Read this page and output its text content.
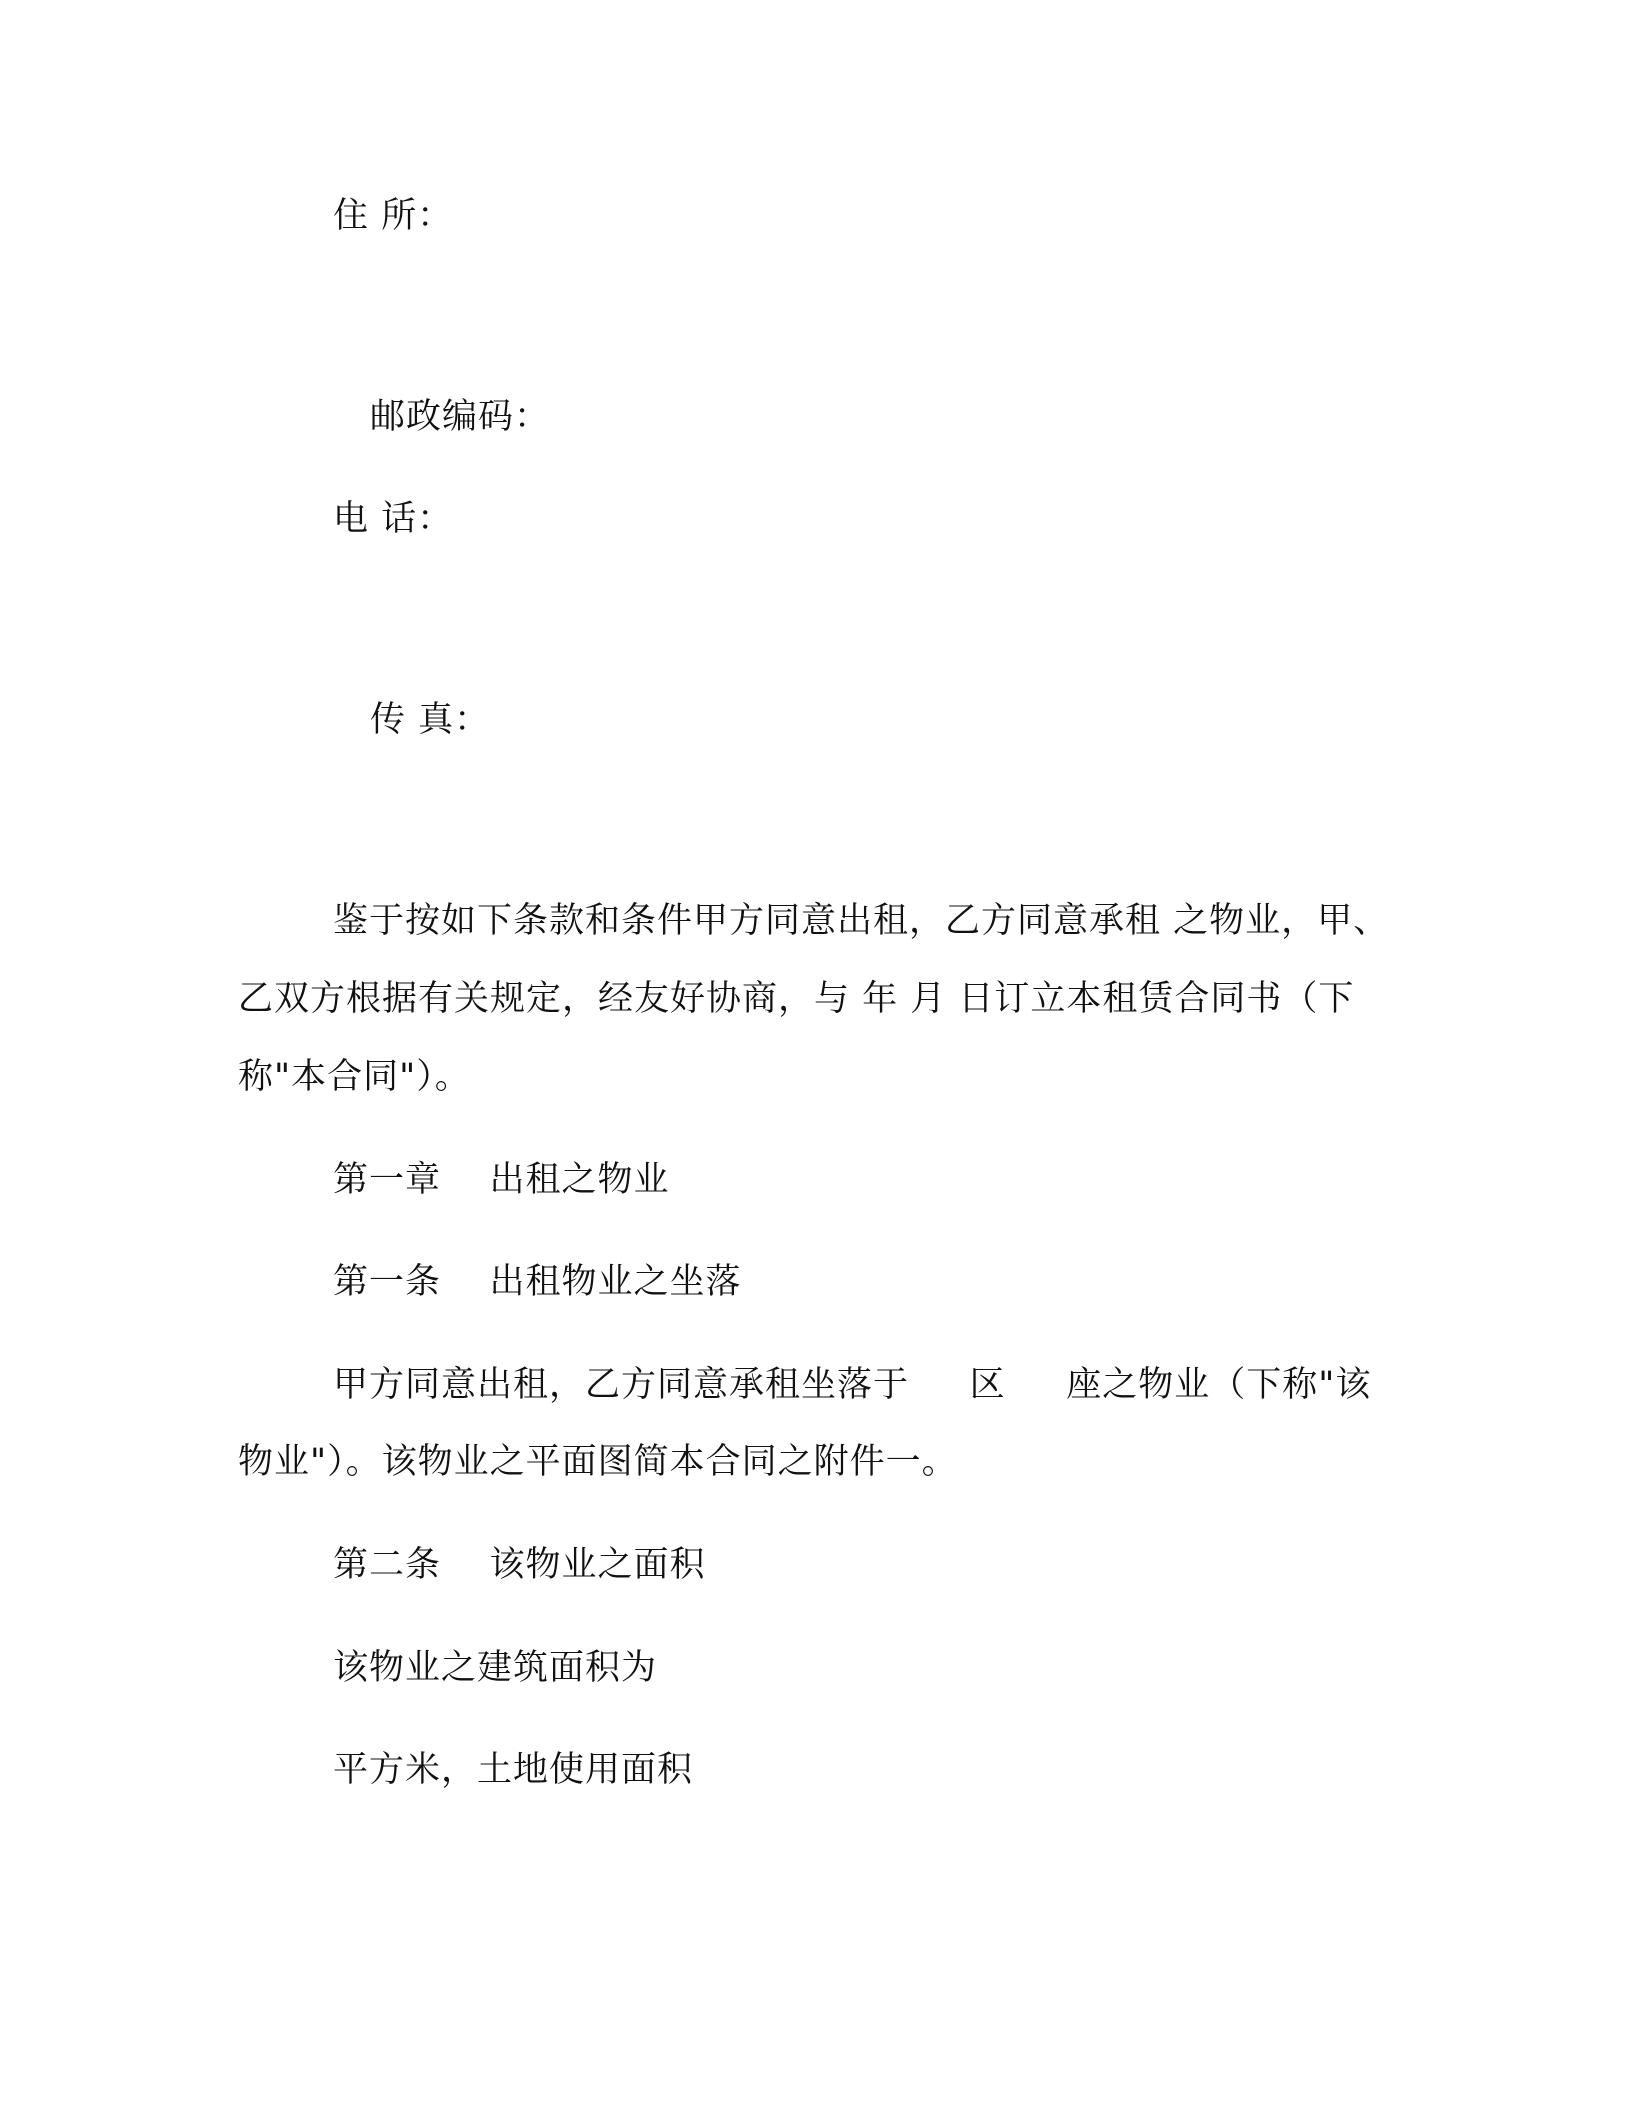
住 所：
邮政编码：
电 话：
传 真：
鉴于按如下条款和条件甲方同意出租，乙方同意承租 之物业，甲、
乙双方根据有关规定，经友好协商，与 年 月 日订立本租赁合同书（下
称"本合同"）。
第一章    出租之物业
第一条    出租物业之坐落
甲方同意出租，乙方同意承租坐落于     区     座之物业（下称"该
物业"）。该物业之平面图简本合同之附件一。
第二条    该物业之面积
该物业之建筑面积为
平方米，土地使用面积
